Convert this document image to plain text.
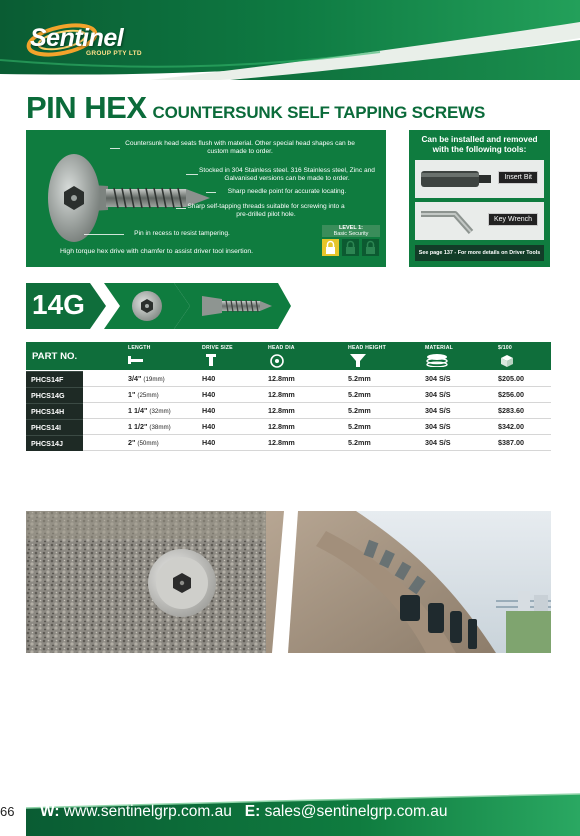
Sentinel
GROUP PTY LTD
PIN HEX COUNTERSUNK SELF TAPPING SCREWS
Countersunk head seats flush with material. Other special head shapes can be custom made to order.
Stocked in 304 Stainless steel. 316 Stainless steel, Zinc and Galvanised versions can be made to order.
Sharp needle point for accurate locating.
Sharp self-tapping threads suitable for screwing into a pre-drilled pilot hole.
Pin in recess to resist tampering.
High torque hex drive with chamfer to assist driver tool insertion.
LEVEL 1:
Basic Security
Can be installed and removed with the following tools:
Insert Bit
Key Wrench
See page 137 - For more details on Driver Tools
14G
PART NO.
LENGTH	DRIVE SIZE	HEAD DIA	HEAD HEIGHT	MATERIAL	$/100
PHCS14F	3/4" (19mm)	H40	12.8mm	5.2mm	304 S/S	$205.00
PHCS14G	1" (25mm)	H40	12.8mm	5.2mm	304 S/S	$256.00
PHCS14H	1 1/4" (32mm)	H40	12.8mm	5.2mm	304 S/S	$283.60
PHCS14I	1 1/2" (38mm)	H40	12.8mm	5.2mm	304 S/S	$342.00
PHCS14J	2" (50mm)	H40	12.8mm	5.2mm	304 S/S	$387.00
66	W: www.sentinelgrp.com.au E: sales@sentinelgrp.com.au
